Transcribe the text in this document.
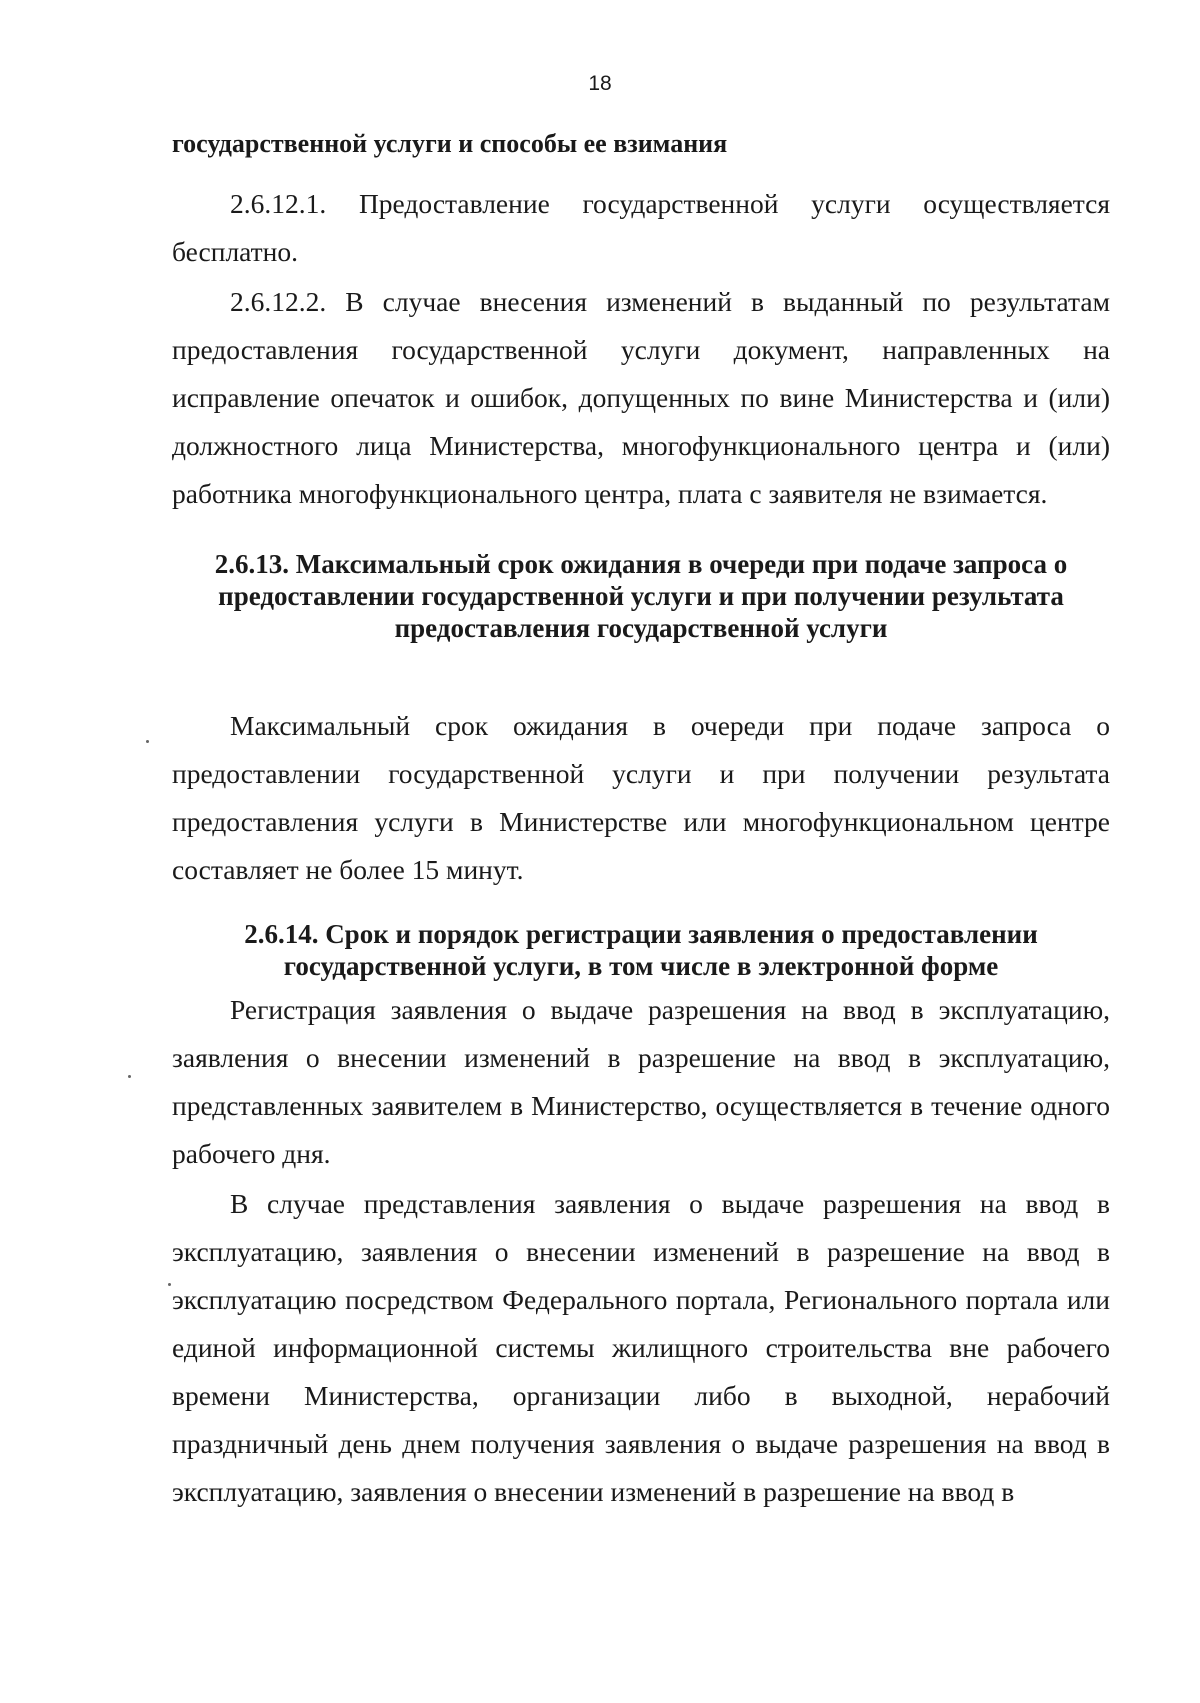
18
государственной услуги и способы ее взимания

2.6.12.1. Предоставление государственной услуги осуществляется бесплатно.

2.6.12.2. В случае внесения изменений в выданный по результатам предоставления государственной услуги документ, направленных на исправление опечаток и ошибок, допущенных по вине Министерства и (или) должностного лица Министерства, многофункционального центра и (или) работника многофункционального центра, плата с заявителя не взимается.

2.6.13. Максимальный срок ожидания в очереди при подаче запроса о предоставлении государственной услуги и при получении результата предоставления государственной услуги

Максимальный срок ожидания в очереди при подаче запроса о предоставлении государственной услуги и при получении результата предоставления услуги в Министерстве или многофункциональном центре составляет не более 15 минут.

2.6.14. Срок и порядок регистрации заявления о предоставлении государственной услуги, в том числе в электронной форме

Регистрация заявления о выдаче разрешения на ввод в эксплуатацию, заявления о внесении изменений в разрешение на ввод в эксплуатацию, представленных заявителем в Министерство, осуществляется в течение одного рабочего дня.

В случае представления заявления о выдаче разрешения на ввод в эксплуатацию, заявления о внесении изменений в разрешение на ввод в эксплуатацию посредством Федерального портала, Регионального портала или единой информационной системы жилищного строительства вне рабочего времени Министерства, организации либо в выходной, нерабочий праздничный день днем получения заявления о выдаче разрешения на ввод в эксплуатацию, заявления о внесении изменений в разрешение на ввод в
